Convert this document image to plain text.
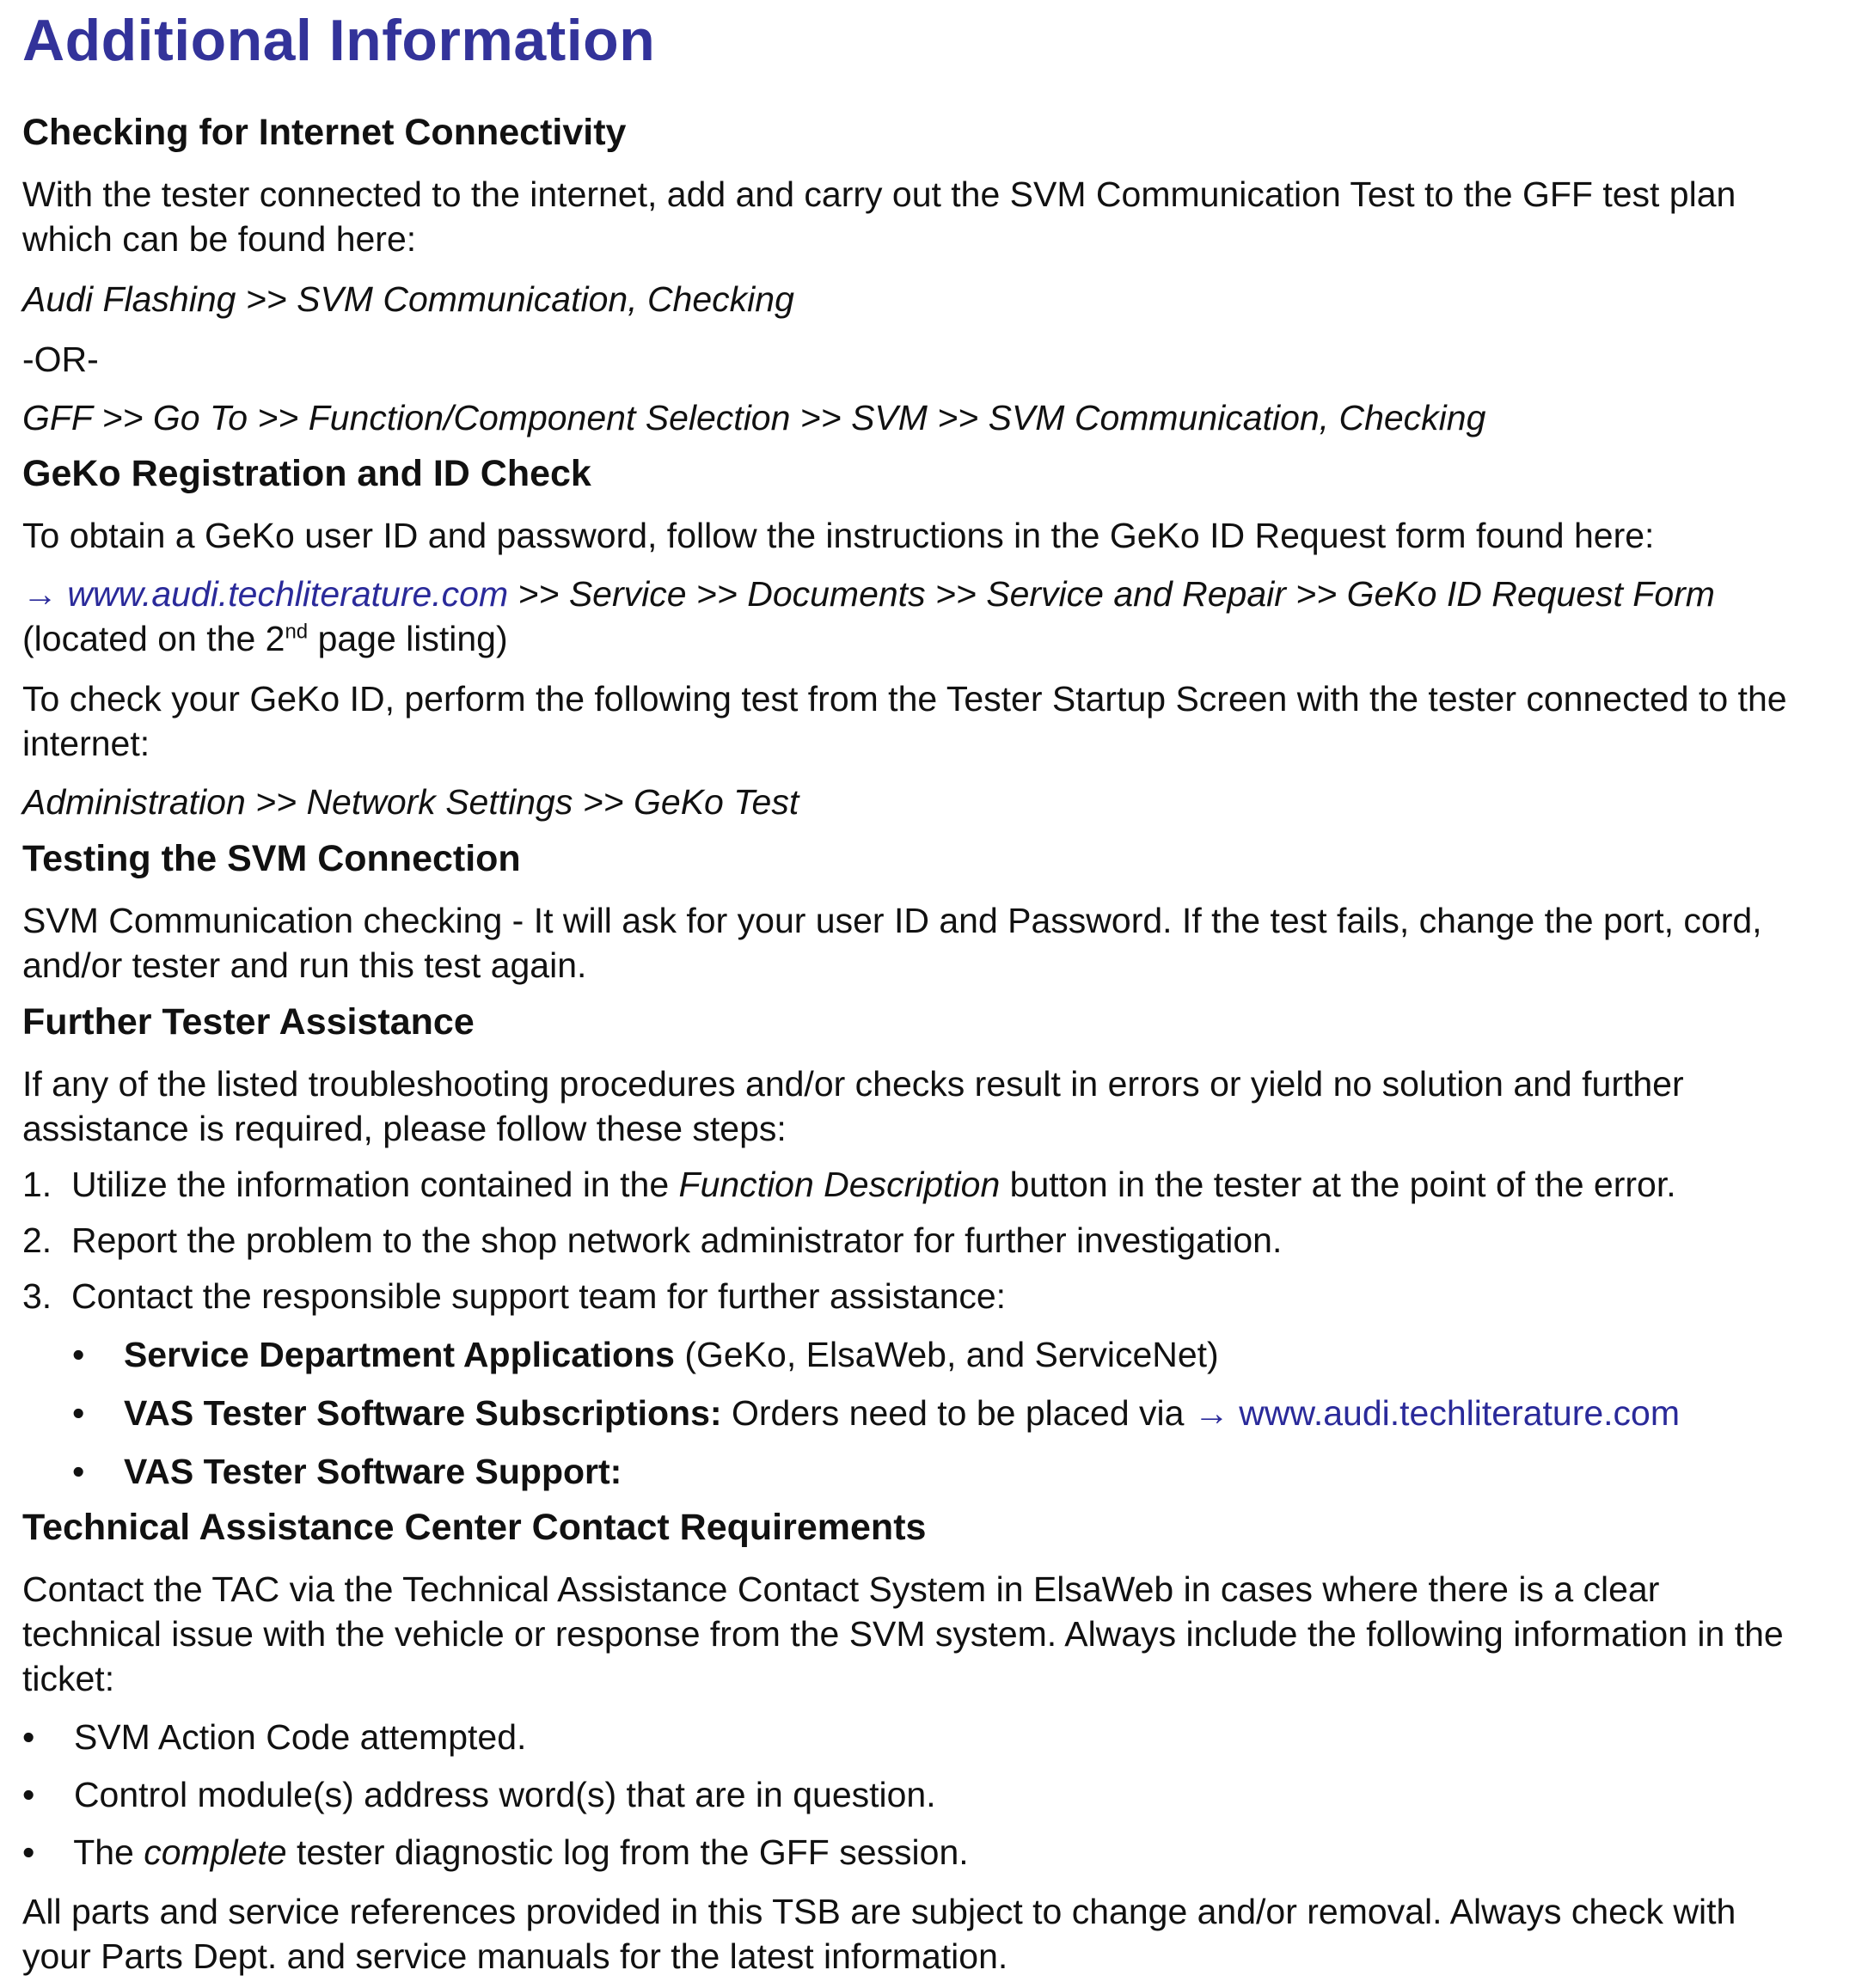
Additional Information
Checking for Internet Connectivity
With the tester connected to the internet, add and carry out the SVM Communication Test to the GFF test plan
which can be found here:
Audi Flashing >> SVM Communication, Checking
-OR-
GFF >> Go To >> Function/Component Selection >> SVM >> SVM Communication, Checking
GeKo Registration and ID Check
To obtain a GeKo user ID and password, follow the instructions in the GeKo ID Request form found here:
→ www.audi.techliterature.com >> Service >> Documents >> Service and Repair >> GeKo ID Request Form
(located on the 2nd page listing)
To check your GeKo ID, perform the following test from the Tester Startup Screen with the tester connected to the
internet:
Administration >> Network Settings >> GeKo Test
Testing the SVM Connection
SVM Communication checking - It will ask for your user ID and Password. If the test fails, change the port, cord,
and/or tester and run this test again.
Further Tester Assistance
If any of the listed troubleshooting procedures and/or checks result in errors or yield no solution and further
assistance is required, please follow these steps:
1. Utilize the information contained in the Function Description button in the tester at the point of the error.
2. Report the problem to the shop network administrator for further investigation.
3. Contact the responsible support team for further assistance:
• Service Department Applications (GeKo, ElsaWeb, and ServiceNet)
• VAS Tester Software Subscriptions: Orders need to be placed via → www.audi.techliterature.com
• VAS Tester Software Support:
Technical Assistance Center Contact Requirements
Contact the TAC via the Technical Assistance Contact System in ElsaWeb in cases where there is a clear
technical issue with the vehicle or response from the SVM system. Always include the following information in the
ticket:
• SVM Action Code attempted.
• Control module(s) address word(s) that are in question.
• The complete tester diagnostic log from the GFF session.
All parts and service references provided in this TSB are subject to change and/or removal. Always check with
your Parts Dept. and service manuals for the latest information.
